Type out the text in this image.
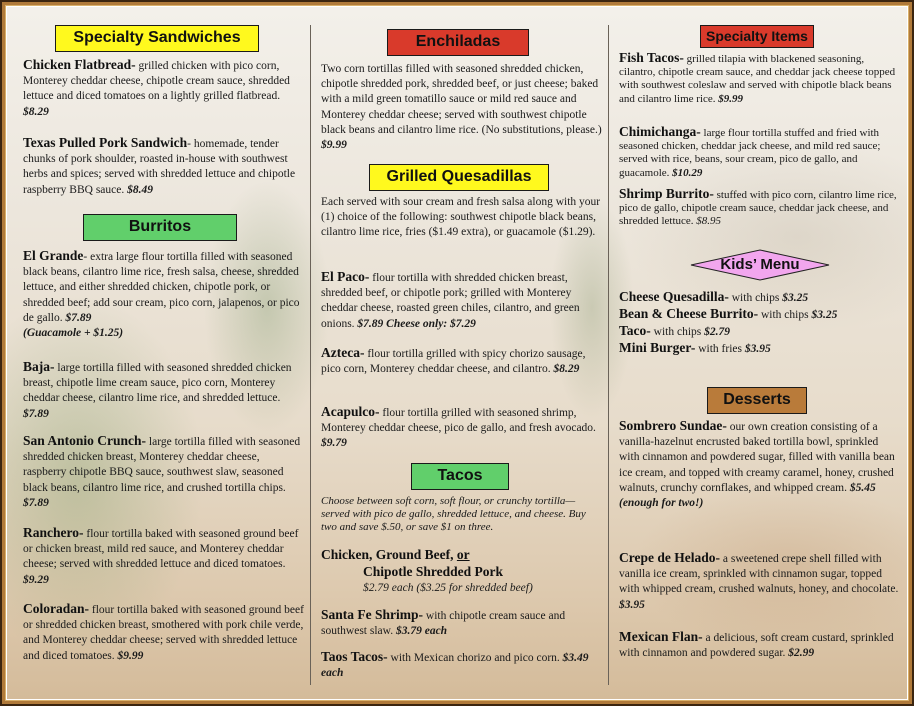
Specialty Sandwiches
Chicken Flatbread- grilled chicken with pico corn, Monterey cheddar cheese, chipotle cream sauce, shredded lettuce and diced tomatoes on a lightly grilled flatbread. $8.29
Texas Pulled Pork Sandwich- homemade, tender chunks of pork shoulder, roasted in-house with southwest herbs and spices; served with shredded lettuce and chipotle raspberry BBQ sauce. $8.49
Burritos
El Grande- extra large flour tortilla filled with seasoned black beans, cilantro lime rice, fresh salsa, cheese, shredded lettuce, and either shredded chicken, chipotle pork, or shredded beef; add sour cream, pico corn, jalapenos, or pico de gallo. $7.89
(Guacamole + $1.25)
Baja- large tortilla filled with seasoned shredded chicken breast, chipotle lime cream sauce, pico corn, Monterey cheddar cheese, cilantro lime rice, and shredded lettuce. $7.89
San Antonio Crunch- large tortilla filled with seasoned shredded chicken breast, Monterey cheddar cheese, raspberry chipotle BBQ sauce, southwest slaw, seasoned black beans, cilantro lime rice, and crushed tortilla chips. $7.89
Ranchero- flour tortilla baked with seasoned ground beef or chicken breast, mild red sauce, and Monterey cheddar cheese; served with shredded lettuce and diced tomatoes. $9.29
Coloradan- flour tortilla baked with seasoned ground beef or shredded chicken breast, smothered with pork chile verde, and Monterey cheddar cheese; served with shredded lettuce and diced tomatoes. $9.99
Enchiladas
Two corn tortillas filled with seasoned shredded chicken, chipotle shredded pork, shredded beef, or just cheese; baked with a mild green tomatillo sauce or mild red sauce and Monterey cheddar cheese; served with southwest chipotle black beans and cilantro lime rice. (No substitutions, please.) $9.99
Grilled Quesadillas
Each served with sour cream and fresh salsa along with your (1) choice of the following: southwest chipotle black beans, cilantro lime rice, fries ($1.49 extra), or guacamole ($1.29).
El Paco- flour tortilla with shredded chicken breast, shredded beef, or chipotle pork; grilled with Monterey cheddar cheese, roasted green chiles, cilantro, and green onions. $7.89 Cheese only: $7.29
Azteca- flour tortilla grilled with spicy chorizo sausage, pico corn, Monterey cheddar cheese, and cilantro. $8.29
Acapulco- flour tortilla grilled with seasoned shrimp, Monterey cheddar cheese, pico de gallo, and fresh avocado. $9.79
Tacos
Choose between soft corn, soft flour, or crunchy tortilla—served with pico de gallo, shredded lettuce, and cheese. Buy two and save $.50, or save $1 on three.
Chicken, Ground Beef, or
Chipotle Shredded Pork
$2.79 each ($3.25 for shredded beef)
Santa Fe Shrimp- with chipotle cream sauce and southwest slaw. $3.79 each
Taos Tacos- with Mexican chorizo and pico corn. $3.49 each
Specialty Items
Fish Tacos- grilled tilapia with blackened seasoning, cilantro, chipotle cream sauce, and cheddar jack cheese topped with southwest coleslaw and served with chipotle black beans and cilantro lime rice. $9.99
Chimichanga- large flour tortilla stuffed and fried with seasoned chicken, cheddar jack cheese, and mild red sauce; served with rice, beans, sour cream, pico de gallo, and guacamole. $10.29
Shrimp Burrito- stuffed with pico corn, cilantro lime rice, pico de gallo, chipotle cream sauce, cheddar jack cheese, and shredded lettuce. $8.95
Kids’ Menu
Cheese Quesadilla- with chips $3.25
Bean & Cheese Burrito- with chips $3.25
Taco- with chips $2.79
Mini Burger- with fries $3.95
Desserts
Sombrero Sundae- our own creation consisting of a vanilla-hazelnut encrusted baked tortilla bowl, sprinkled with cinnamon and powdered sugar, filled with vanilla bean ice cream, and topped with creamy caramel, honey, crushed walnuts, crunchy cornflakes, and whipped cream. $5.45 (enough for two!)
Crepe de Helado- a sweetened crepe shell filled with vanilla ice cream, sprinkled with cinnamon sugar, topped with whipped cream, crushed walnuts, honey, and chocolate. $3.95
Mexican Flan- a delicious, soft cream custard, sprinkled with cinnamon and powdered sugar. $2.99
